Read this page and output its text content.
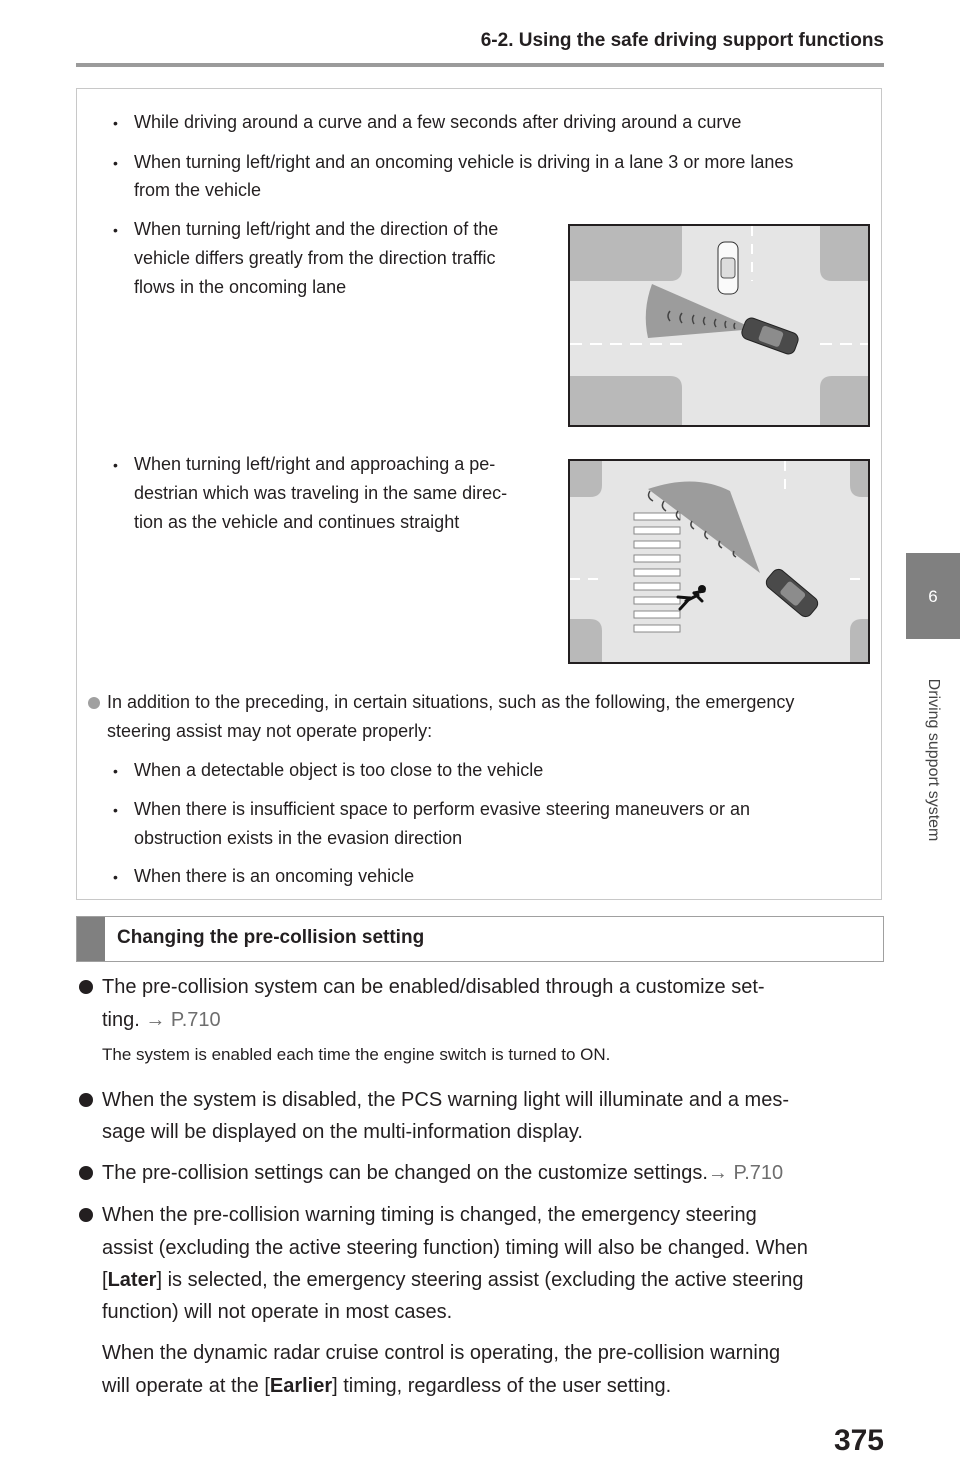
6-2. Using the safe driving support functions
6
Driving support system
• While driving around a curve and a few seconds after driving around a curve

• When turning left/right and an oncoming vehicle is driving in a lane 3 or more lanes

from the vehicle

• When turning left/right and the direction of the

vehicle differs greatly from the direction traffic

flows in the oncoming lane

• When turning left/right and approaching a pe-

destrian which was traveling in the same direc-

tion as the vehicle and continues straight

In addition to the preceding, in certain situations, such as the following, the emergency

steering assist may not operate properly:

• When a detectable object is too close to the vehicle

• When there is insufficient space to perform evasive steering maneuvers or an

obstruction exists in the evasion direction

• When there is an oncoming vehicle

Changing the pre-collision setting

The pre-collision system can be enabled/disabled through a customize set-

ting. → P.710

The system is enabled each time the engine switch is turned to ON.

When the system is disabled, the PCS warning light will illuminate and a mes-

sage will be displayed on the multi-information display.

The pre-collision settings can be changed on the customize settings.→ P.710

When the pre-collision warning timing is changed, the emergency steering

assist (excluding the active steering function) timing will also be changed. When

[Later] is selected, the emergency steering assist (excluding the active steering

function) will not operate in most cases.

When the dynamic radar cruise control is operating, the pre-collision warning

will operate at the [Earlier] timing, regardless of the user setting.

375
